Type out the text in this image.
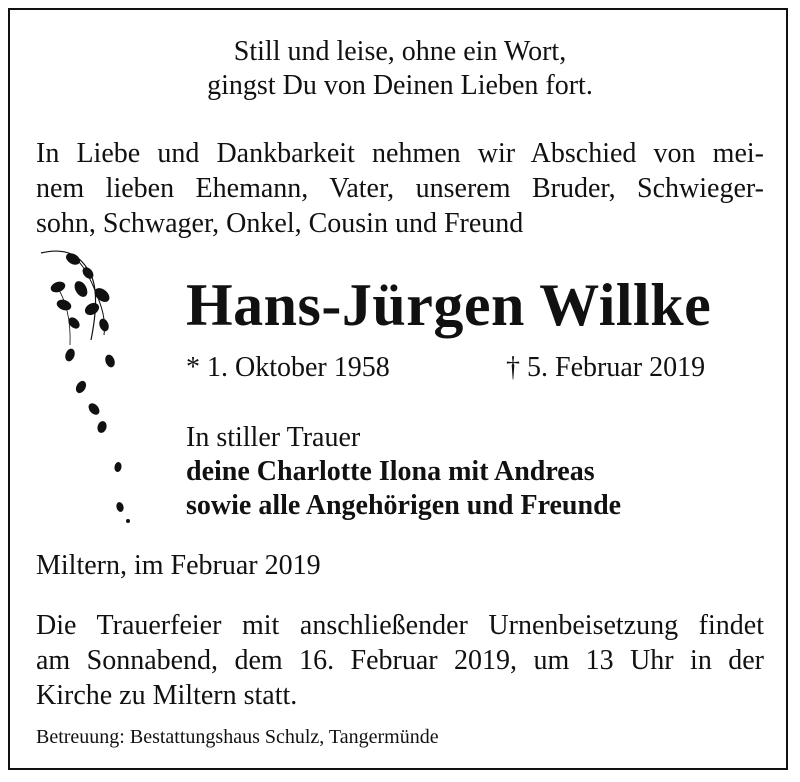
Still und leise, ohne ein Wort,
gingst Du von Deinen Lieben fort.
In Liebe und Dankbarkeit nehmen wir Abschied von mei-
nem lieben Ehemann, Vater, unserem Bruder, Schwieger-
sohn, Schwager, Onkel, Cousin und Freund
Hans-Jürgen Willke
* 1. Oktober 1958	† 5. Februar 2019
In stiller Trauer
deine Charlotte Ilona mit Andreas
sowie alle Angehörigen und Freunde
Miltern, im Februar 2019
Die Trauerfeier mit anschließender Urnenbeisetzung findet
am Sonnabend, dem 16. Februar 2019, um 13 Uhr in der
Kirche zu Miltern statt.
Betreuung: Bestattungshaus Schulz, Tangermünde
